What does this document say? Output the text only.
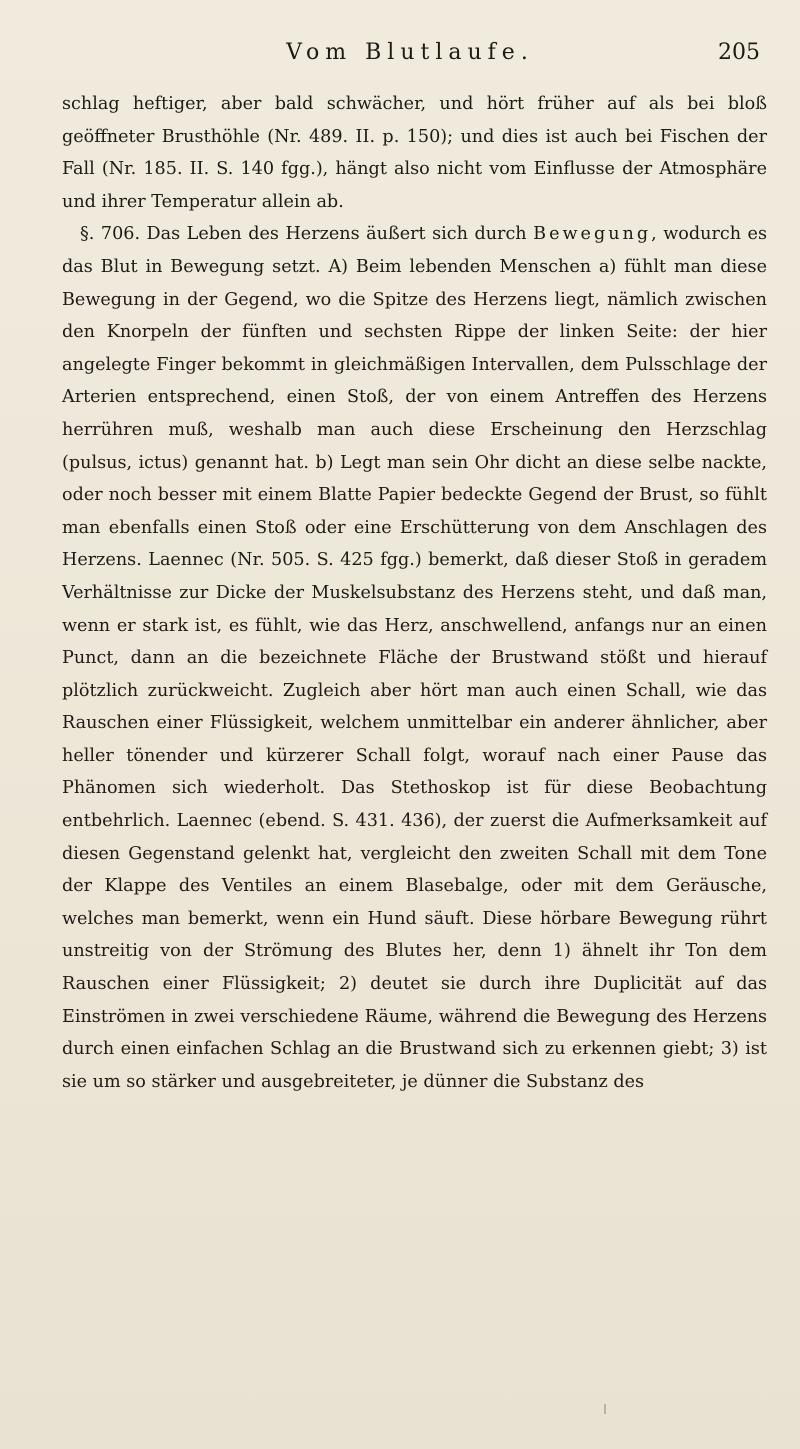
Vom Blutlaufe.	205

schlag heftiger, aber bald schwächer, und hört früher auf als bei bloß geöffneter Brusthöhle (Nr. 489. II. p. 150); und dies ist auch bei Fischen der Fall (Nr. 185. II. S. 140 fgg.), hängt also nicht vom Einflusse der Atmosphäre und ihrer Temperatur allein ab.

§. 706. Das Leben des Herzens äußert sich durch Bewegung, wodurch es das Blut in Bewegung setzt. A) Beim lebenden Menschen a) fühlt man diese Bewegung in der Gegend, wo die Spitze des Herzens liegt, nämlich zwischen den Knorpeln der fünften und sechsten Rippe der linken Seite: der hier angelegte Finger bekommt in gleichmäßigen Intervallen, dem Pulsschlage der Arterien entsprechend, einen Stoß, der von einem Antreffen des Herzens herrühren muß, weshalb man auch diese Erscheinung den Herzschlag (pulsus, ictus) genannt hat. b) Legt man sein Ohr dicht an diese selbe nackte, oder noch besser mit einem Blatte Papier bedeckte Gegend der Brust, so fühlt man ebenfalls einen Stoß oder eine Erschütterung von dem Anschlagen des Herzens. Laennec (Nr. 505. S. 425 fgg.) bemerkt, daß dieser Stoß in geradem Verhältnisse zur Dicke der Muskelsubstanz des Herzens steht, und daß man, wenn er stark ist, es fühlt, wie das Herz, anschwellend, anfangs nur an einen Punct, dann an die bezeichnete Fläche der Brustwand stößt und hierauf plötzlich zurückweicht. Zugleich aber hört man auch einen Schall, wie das Rauschen einer Flüssigkeit, welchem unmittelbar ein anderer ähnlicher, aber heller tönender und kürzerer Schall folgt, worauf nach einer Pause das Phänomen sich wiederholt. Das Stethoskop ist für diese Beobachtung entbehrlich. Laennec (ebend. S. 431. 436), der zuerst die Aufmerksamkeit auf diesen Gegenstand gelenkt hat, vergleicht den zweiten Schall mit dem Tone der Klappe des Ventiles an einem Blasebalge, oder mit dem Geräusche, welches man bemerkt, wenn ein Hund säuft. Diese hörbare Bewegung rührt unstreitig von der Strömung des Blutes her, denn 1) ähnelt ihr Ton dem Rauschen einer Flüssigkeit; 2) deutet sie durch ihre Duplicität auf das Einströmen in zwei verschiedene Räume, während die Bewegung des Herzens durch einen einfachen Schlag an die Brustwand sich zu erkennen giebt; 3) ist sie um so stärker und ausgebreiteter, je dünner die Substanz des
